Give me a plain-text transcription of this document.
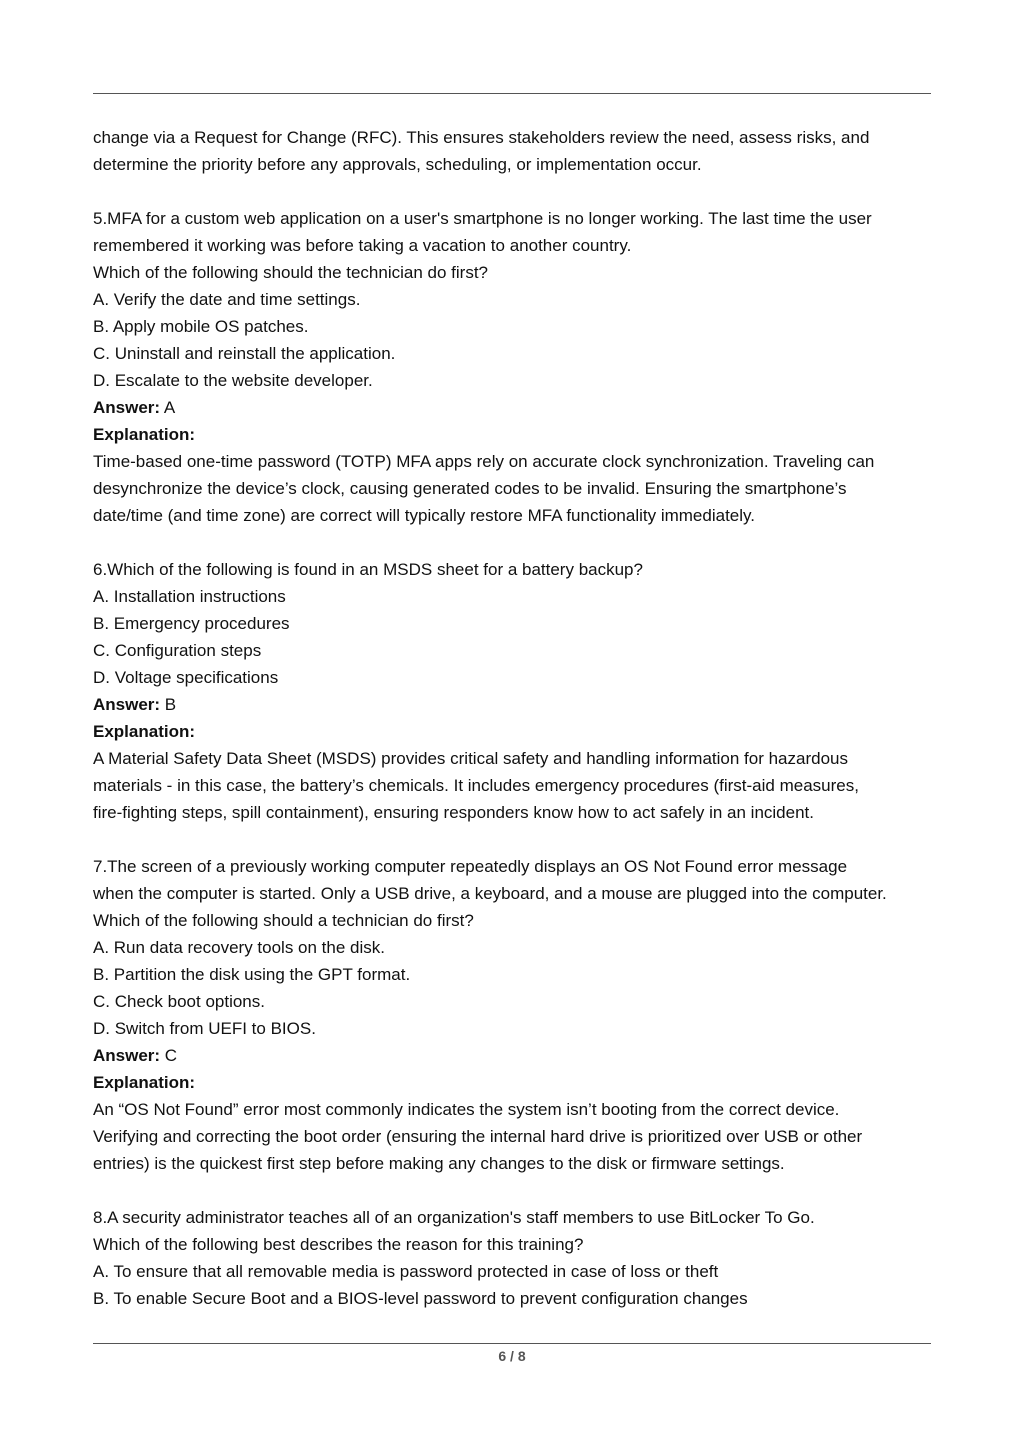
change via a Request for Change (RFC). This ensures stakeholders review the need, assess risks, and

determine the priority before any approvals, scheduling, or implementation occur.

5.MFA for a custom web application on a user's smartphone is no longer working. The last time the user

remembered it working was before taking a vacation to another country.

Which of the following should the technician do first?

A. Verify the date and time settings.

B. Apply mobile OS patches.

C. Uninstall and reinstall the application.

D. Escalate to the website developer.

Answer: A

Explanation:

Time-based one-time password (TOTP) MFA apps rely on accurate clock synchronization. Traveling can

desynchronize the device’s clock, causing generated codes to be invalid. Ensuring the smartphone’s

date/time (and time zone) are correct will typically restore MFA functionality immediately.

6.Which of the following is found in an MSDS sheet for a battery backup?

A. Installation instructions

B. Emergency procedures

C. Configuration steps

D. Voltage specifications

Answer: B

Explanation:

A Material Safety Data Sheet (MSDS) provides critical safety and handling information for hazardous

materials - in this case, the battery’s chemicals. It includes emergency procedures (first-aid measures,

fire-fighting steps, spill containment), ensuring responders know how to act safely in an incident.

7.The screen of a previously working computer repeatedly displays an OS Not Found error message

when the computer is started. Only a USB drive, a keyboard, and a mouse are plugged into the computer.

Which of the following should a technician do first?

A. Run data recovery tools on the disk.

B. Partition the disk using the GPT format.

C. Check boot options.

D. Switch from UEFI to BIOS.

Answer: C

Explanation:

An “OS Not Found” error most commonly indicates the system isn’t booting from the correct device.

Verifying and correcting the boot order (ensuring the internal hard drive is prioritized over USB or other

entries) is the quickest first step before making any changes to the disk or firmware settings.

8.A security administrator teaches all of an organization's staff members to use BitLocker To Go.

Which of the following best describes the reason for this training?

A. To ensure that all removable media is password protected in case of loss or theft

B. To enable Secure Boot and a BIOS-level password to prevent configuration changes

6 / 8
